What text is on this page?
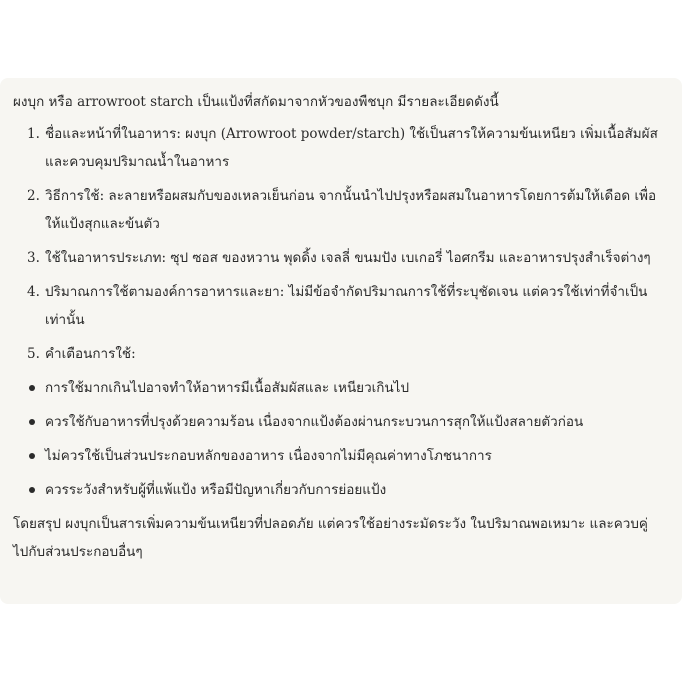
ผงบุก หรือ arrowroot starch เป็นแป้งที่สกัดมาจากหัวของพืชบุก มีรายละเอียดดังนี้

1. ชื่อและหน้าที่ในอาหาร: ผงบุก (Arrowroot powder/starch) ใช้เป็นสารให้ความข้นเหนียว เพิ่มเนื้อสัมผัส และควบคุมปริมาณน้ำในอาหาร
2. วิธีการใช้: ละลายหรือผสมกับของเหลวเย็นก่อน จากนั้นนำไปปรุงหรือผสมในอาหารโดยการต้มให้เดือด เพื่อให้แป้งสุกและข้นตัว
3. ใช้ในอาหารประเภท: ซุป ซอส ของหวาน พุดดิ้ง เจลลี่ ขนมปัง เบเกอรี่ ไอศกรีม และอาหารปรุงสำเร็จต่างๆ
4. ปริมาณการใช้ตามองค์การอาหารและยา: ไม่มีข้อจำกัดปริมาณการใช้ที่ระบุชัดเจน แต่ควรใช้เท่าที่จำเป็นเท่านั้น
5. คำเตือนการใช้:
การใช้มากเกินไปอาจทำให้อาหารมีเนื้อสัมผัสและ เหนียวเกินไป
ควรใช้กับอาหารที่ปรุงด้วยความร้อน เนื่องจากแป้งต้องผ่านกระบวนการสุกให้แป้งสลายตัวก่อน
ไม่ควรใช้เป็นส่วนประกอบหลักของอาหาร เนื่องจากไม่มีคุณค่าทางโภชนาการ
ควรระวังสำหรับผู้ที่แพ้แป้ง หรือมีปัญหาเกี่ยวกับการย่อยแป้ง

โดยสรุป ผงบุกเป็นสารเพิ่มความข้นเหนียวที่ปลอดภัย แต่ควรใช้อย่างระมัดระวัง ในปริมาณพอเหมาะ และควบคู่ไปกับส่วนประกอบอื่นๆ
